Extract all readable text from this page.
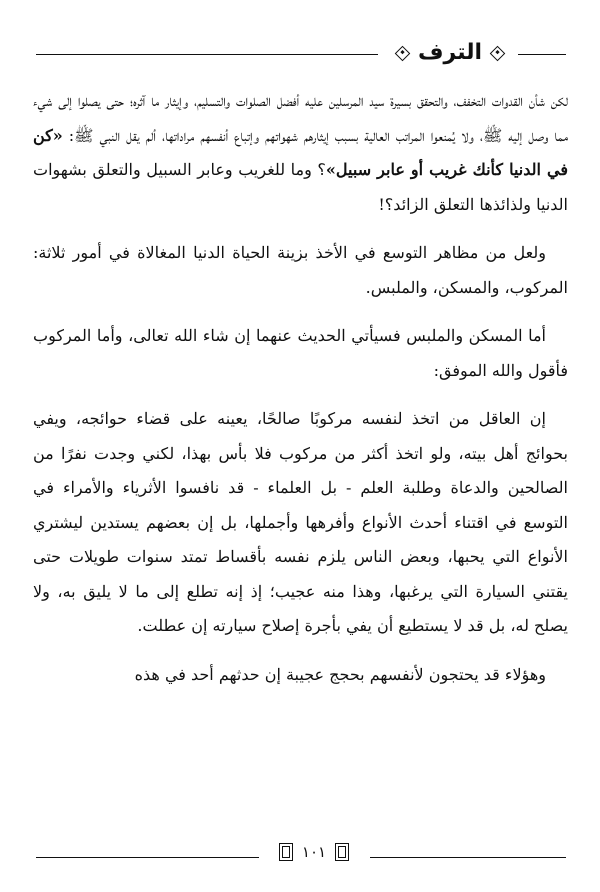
الترف

لكن شأن القدوات التخفف، والتحقق بسيرة سيد المرسلين عليه أفضل الصلوات والتسليم، وإيثار ما آثره؛ حتى يصلوا إلى شيء مما وصل إليه ﷺ، ولا يُمنعوا المراتب العالية بسبب إيثارهم شهواتهم وإتباع أنفسهم مراداتها، ألم يقل النبي ﷺ: «كن في الدنيا كأنك غريب أو عابر سبيل»؟ وما للغريب وعابر السبيل والتعلق بشهوات الدنيا ولذائذها التعلق الزائد؟!

ولعل من مظاهر التوسع في الأخذ بزينة الحياة الدنيا المغالاة في أمور ثلاثة: المركوب، والمسكن، والملبس.

أما المسكن والملبس فسيأتي الحديث عنهما إن شاء الله تعالى، وأما المركوب فأقول والله الموفق:

إن العاقل من اتخذ لنفسه مركوبًا صالحًا، يعينه على قضاء حوائجه، ويفي بحوائج أهل بيته، ولو اتخذ أكثر من مركوب فلا بأس بهذا، لكني وجدت نفرًا من الصالحين والدعاة وطلبة العلم - بل العلماء - قد نافسوا الأثرياء والأمراء في التوسع في اقتناء أحدث الأنواع وأفرهها وأجملها، بل إن بعضهم يستدين ليشتري الأنواع التي يحبها، وبعض الناس يلزم نفسه بأقساط تمتد سنوات طويلات حتى يقتني السيارة التي يرغبها، وهذا منه عجيب؛ إذ إنه تطلع إلى ما لا يليق به، ولا يصلح له، بل قد لا يستطيع أن يفي بأجرة إصلاح سيارته إن عطلت.

وهؤلاء قد يحتجون لأنفسهم بحجج عجيبة إن حدثهم أحد في هذه

١٠١
